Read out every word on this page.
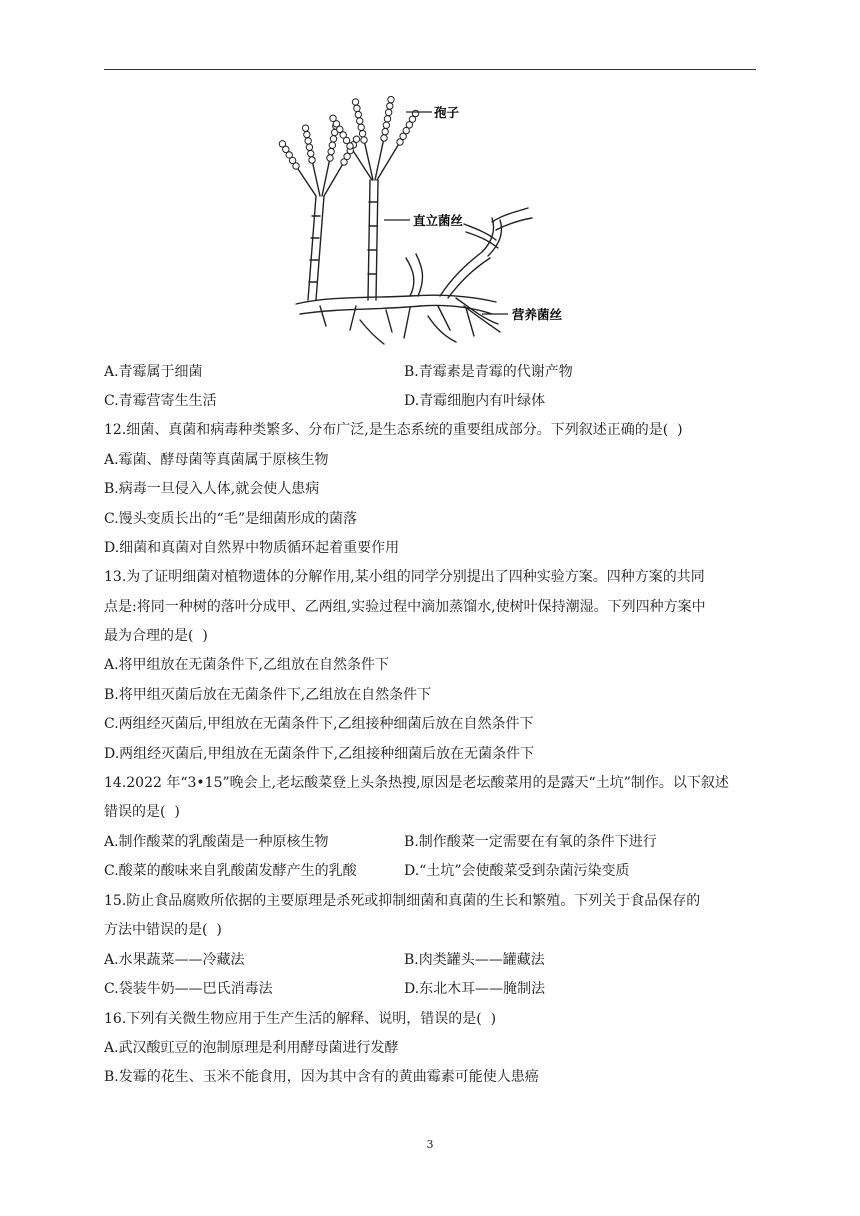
孢子
直立菌丝
营养菌丝
A.青霉属于细菌	B.青霉素是青霉的代谢产物
C.青霉营寄生生活	D.青霉细胞内有叶绿体
12.细菌、真菌和病毒种类繁多、分布广泛,是生态系统的重要组成部分。下列叙述正确的是(  )
A.霉菌、酵母菌等真菌属于原核生物
B.病毒一旦侵入人体,就会使人患病
C.馒头变质长出的“毛”是细菌形成的菌落
D.细菌和真菌对自然界中物质循环起着重要作用
13.为了证明细菌对植物遗体的分解作用,某小组的同学分别提出了四种实验方案。四种方案的共同
点是:将同一种树的落叶分成甲、乙两组,实验过程中滴加蒸馏水,使树叶保持潮湿。下列四种方案中
最为合理的是(  )
A.将甲组放在无菌条件下,乙组放在自然条件下
B.将甲组灭菌后放在无菌条件下,乙组放在自然条件下
C.两组经灭菌后,甲组放在无菌条件下,乙组接种细菌后放在自然条件下
D.两组经灭菌后,甲组放在无菌条件下,乙组接种细菌后放在无菌条件下
14.2022 年“3•15”晚会上,老坛酸菜登上头条热搜,原因是老坛酸菜用的是露天“土坑”制作。以下叙述
错误的是(  )
A.制作酸菜的乳酸菌是一种原核生物	B.制作酸菜一定需要在有氧的条件下进行
C.酸菜的酸味来自乳酸菌发酵产生的乳酸	D.“土坑”会使酸菜受到杂菌污染变质
15.防止食品腐败所依据的主要原理是杀死或抑制细菌和真菌的生长和繁殖。下列关于食品保存的
方法中错误的是(  )
A.水果蔬菜——冷藏法	B.肉类罐头——罐藏法
C.袋装牛奶——巴氏消毒法	D.东北木耳——腌制法
16.下列有关微生物应用于生产生活的解释、说明，错误的是(  )
A.武汉酸豇豆的泡制原理是利用酵母菌进行发酵
B.发霉的花生、玉米不能食用，因为其中含有的黄曲霉素可能使人患癌
3
